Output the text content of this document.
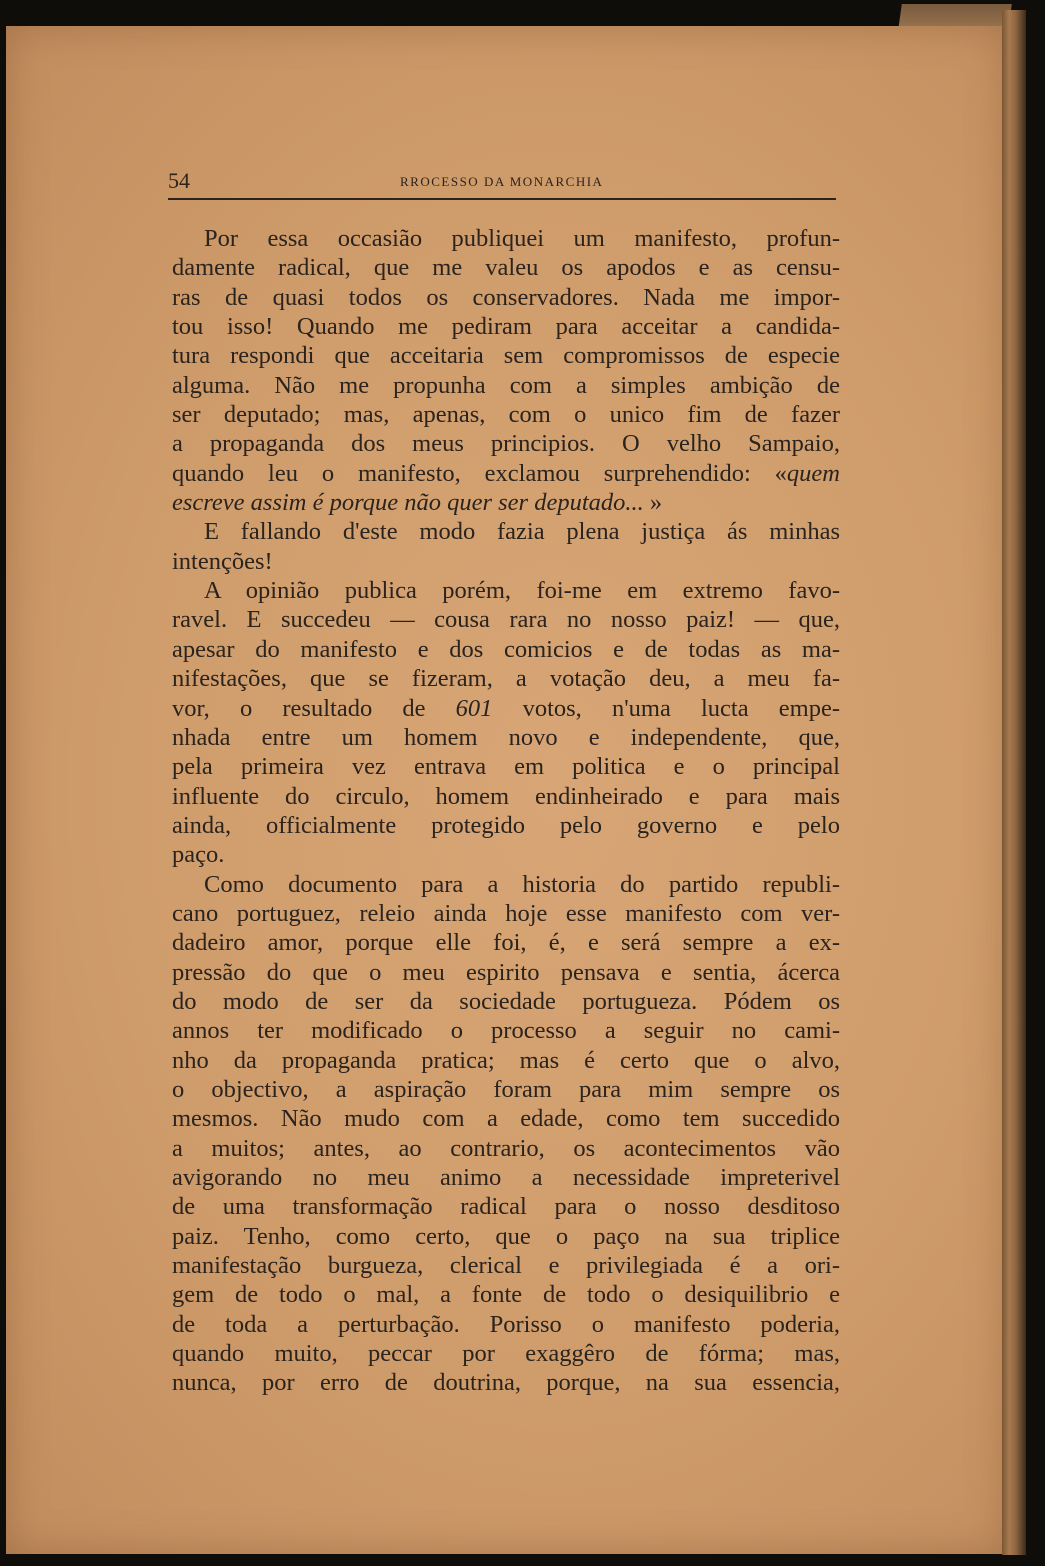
54	RROCESSO DA MONARCHIA
Por essa occasião publiquei um manifesto, profun-
damente radical, que me valeu os apodos e as censu-
ras de quasi todos os conservadores. Nada me impor-
tou isso! Quando me pediram para acceitar a candida-
tura respondi que acceitaria sem compromissos de especie
alguma. Não me propunha com a simples ambição de
ser deputado; mas, apenas, com o unico fim de fazer
a propaganda dos meus principios. O velho Sampaio,
quando leu o manifesto, exclamou surprehendido: «quem
escreve assim é porque não quer ser deputado... »
E fallando d'este modo fazia plena justiça ás minhas
intenções!
A opinião publica porém, foi-me em extremo favo-
ravel. E succedeu — cousa rara no nosso paiz! — que,
apesar do manifesto e dos comicios e de todas as ma-
nifestações, que se fizeram, a votação deu, a meu fa-
vor, o resultado de 601 votos, n'uma lucta empe-
nhada entre um homem novo e independente, que,
pela primeira vez entrava em politica e o principal
influente do circulo, homem endinheirado e para mais
ainda, officialmente protegido pelo governo e pelo
paço.
Como documento para a historia do partido republi-
cano portuguez, releio ainda hoje esse manifesto com ver-
dadeiro amor, porque elle foi, é, e será sempre a ex-
pressão do que o meu espirito pensava e sentia, ácerca
do modo de ser da sociedade portugueza. Pódem os
annos ter modificado o processo a seguir no cami-
nho da propaganda pratica; mas é certo que o alvo,
o objectivo, a aspiração foram para mim sempre os
mesmos. Não mudo com a edade, como tem succedido
a muitos; antes, ao contrario, os acontecimentos vão
avigorando no meu animo a necessidade impreterivel
de uma transformação radical para o nosso desditoso
paiz. Tenho, como certo, que o paço na sua triplice
manifestação burgueza, clerical e privilegiada é a ori-
gem de todo o mal, a fonte de todo o desiquilibrio e
de toda a perturbação. Porisso o manifesto poderia,
quando muito, peccar por exaggêro de fórma; mas,
nunca, por erro de doutrina, porque, na sua essencia,
